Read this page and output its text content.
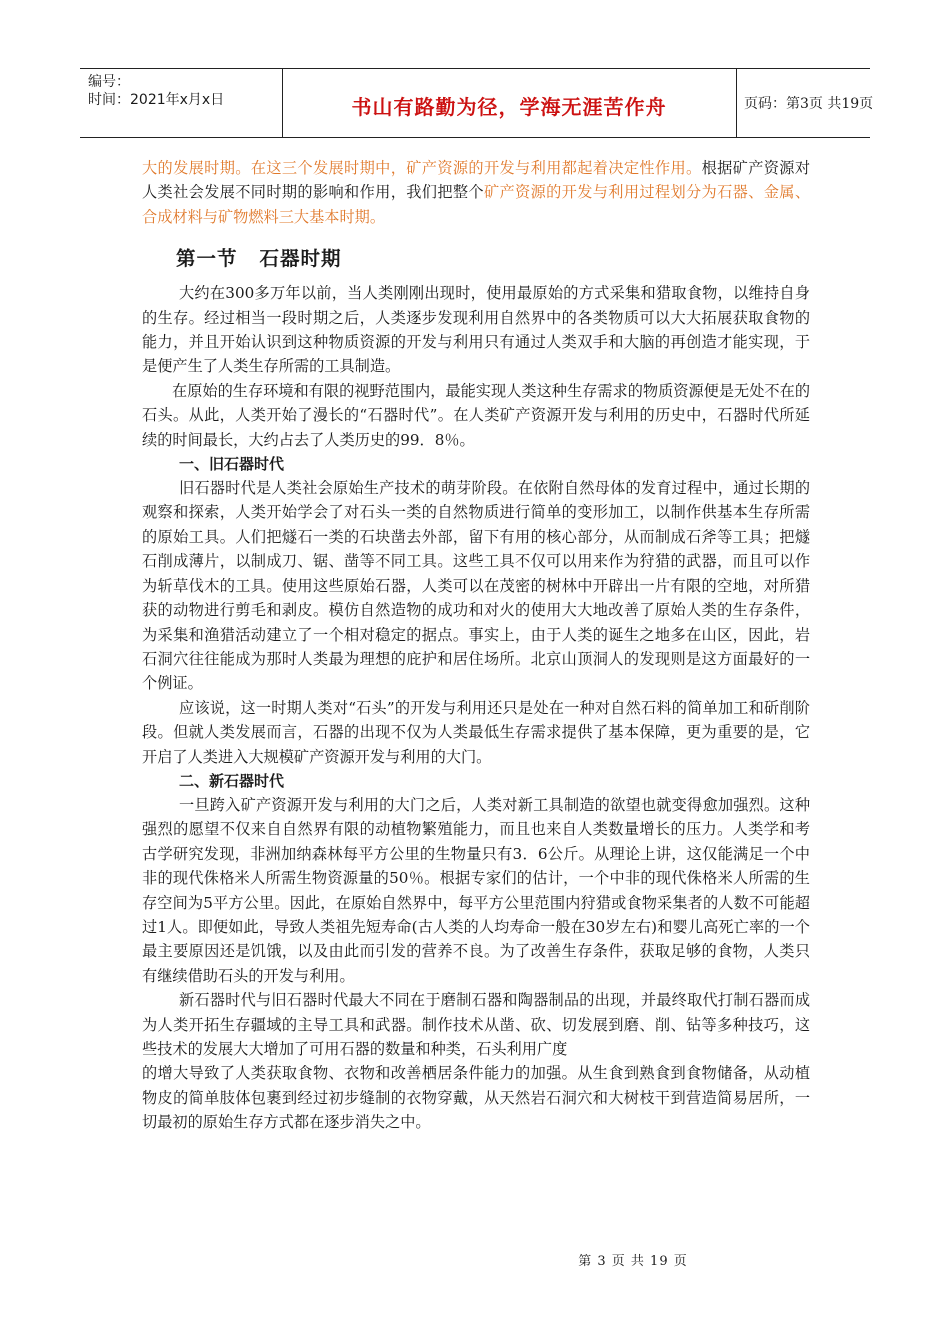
编号：
时间：2021年x月x日	书山有路勤为径，学海无涯苦作舟	页码：第3页 共19页

大的发展时期。在这三个发展时期中，矿产资源的开发与利用都起着决定性作用。根据矿产资源对人类社会发展不同时期的影响和作用，我们把整个矿产资源的开发与利用过程划分为石器、金属、合成材料与矿物燃料三大基本时期。

第一节 石器时期

大约在300多万年以前，当人类刚刚出现时，使用最原始的方式采集和猎取食物，以维持自身的生存。经过相当一段时期之后，人类逐步发现利用自然界中的各类物质可以大大拓展获取食物的能力，并且开始认识到这种物质资源的开发与利用只有通过人类双手和大脑的再创造才能实现，于是便产生了人类生存所需的工具制造。

在原始的生存环境和有限的视野范围内，最能实现人类这种生存需求的物质资源便是无处不在的石头。从此，人类开始了漫长的“石器时代”。在人类矿产资源开发与利用的历史中，石器时代所延续的时间最长，大约占去了人类历史的99．8％。

一、旧石器时代

旧石器时代是人类社会原始生产技术的萌芽阶段。在依附自然母体的发育过程中，通过长期的观察和探索，人类开始学会了对石头一类的自然物质进行简单的变形加工，以制作供基本生存所需的原始工具。人们把燧石一类的石块凿去外部，留下有用的核心部分，从而制成石斧等工具；把燧石削成薄片，以制成刀、锯、凿等不同工具。这些工具不仅可以用来作为狩猎的武器，而且可以作为斩草伐木的工具。使用这些原始石器，人类可以在茂密的树林中开辟出一片有限的空地，对所猎获的动物进行剪毛和剥皮。模仿自然造物的成功和对火的使用大大地改善了原始人类的生存条件，为采集和渔猎活动建立了一个相对稳定的据点。事实上，由于人类的诞生之地多在山区，因此，岩石洞穴往往能成为那时人类最为理想的庇护和居住场所。北京山顶洞人的发现则是这方面最好的一个例证。

应该说，这一时期人类对“石头”的开发与利用还只是处在一种对自然石料的简单加工和斫削阶段。但就人类发展而言，石器的出现不仅为人类最低生存需求提供了基本保障，更为重要的是，它开启了人类进入大规模矿产资源开发与利用的大门。

二、新石器时代

一旦跨入矿产资源开发与利用的大门之后，人类对新工具制造的欲望也就变得愈加强烈。这种强烈的愿望不仅来自自然界有限的动植物繁殖能力，而且也来自人类数量增长的压力。人类学和考古学研究发现，非洲加纳森林每平方公里的生物量只有3．6公斤。从理论上讲，这仅能满足一个中非的现代侏格米人所需生物资源量的50％。根据专家们的估计，一个中非的现代侏格米人所需的生存空间为5平方公里。因此，在原始自然界中，每平方公里范围内狩猎或食物采集者的人数不可能超过1人。即便如此，导致人类祖先短寿命(古人类的人均寿命一般在30岁左右)和婴儿高死亡率的一个最主要原因还是饥饿，以及由此而引发的营养不良。为了改善生存条件，获取足够的食物，人类只有继续借助石头的开发与利用。

新石器时代与旧石器时代最大不同在于磨制石器和陶器制品的出现，并最终取代打制石器而成为人类开拓生存疆域的主导工具和武器。制作技术从凿、砍、切发展到磨、削、钻等多种技巧，这些技术的发展大大增加了可用石器的数量和种类，石头利用广度

的增大导致了人类获取食物、衣物和改善栖居条件能力的加强。从生食到熟食到食物储备，从动植物皮的简单肢体包裹到经过初步缝制的衣物穿戴，从天然岩石洞穴和大树枝干到营造简易居所，一切最初的原始生存方式都在逐步消失之中。

第 3 页 共 19 页
